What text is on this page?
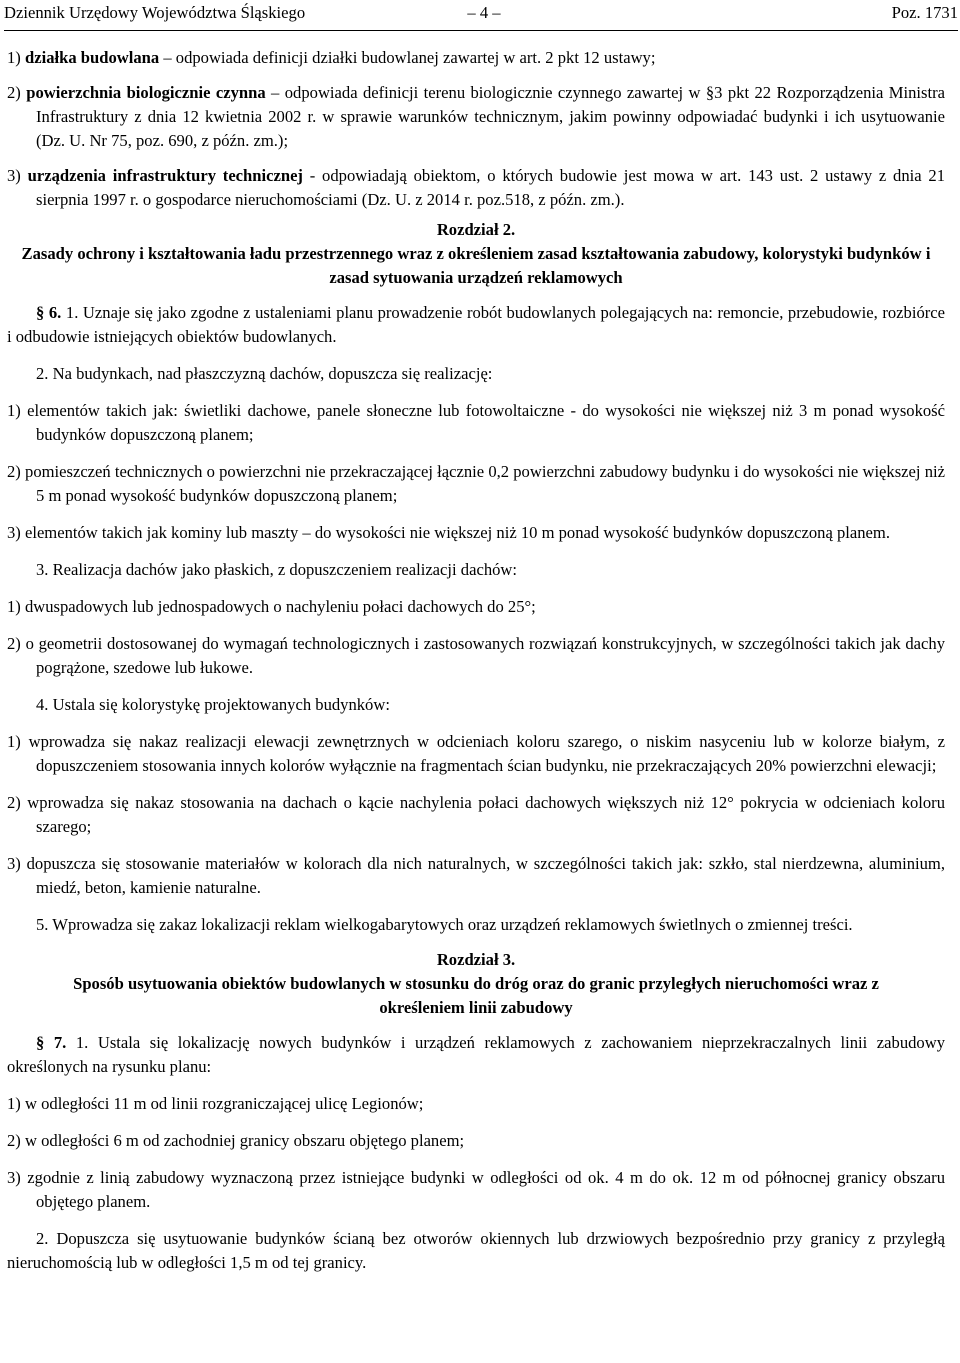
Dziennik Urzędowy Województwa Śląskiego	– 4 –	Poz. 1731

1) działka budowlana – odpowiada definicji działki budowlanej zawartej w art. 2 pkt 12 ustawy;

2) powierzchnia biologicznie czynna – odpowiada definicji terenu biologicznie czynnego zawartej w §3 pkt 22 Rozporządzenia Ministra Infrastruktury z dnia 12 kwietnia 2002 r. w sprawie warunków technicznym, jakim powinny odpowiadać budynki i ich usytuowanie (Dz. U. Nr 75, poz. 690, z późn. zm.);

3) urządzenia infrastruktury technicznej - odpowiadają obiektom, o których budowie jest mowa w art. 143 ust. 2 ustawy z dnia 21 sierpnia 1997 r. o gospodarce nieruchomościami (Dz. U. z 2014 r. poz.518, z późn. zm.).

Rozdział 2.

Zasady ochrony i kształtowania ładu przestrzennego wraz z określeniem zasad kształtowania zabudowy, kolorystyki budynków i zasad sytuowania urządzeń reklamowych

§ 6. 1. Uznaje się jako zgodne z ustaleniami planu prowadzenie robót budowlanych polegających na: remoncie, przebudowie, rozbiórce i odbudowie istniejących obiektów budowlanych.

2. Na budynkach, nad płaszczyzną dachów, dopuszcza się realizację:

1) elementów takich jak: świetliki dachowe, panele słoneczne lub fotowoltaiczne - do wysokości nie większej niż 3 m ponad wysokość budynków dopuszczoną planem;

2) pomieszczeń technicznych o powierzchni nie przekraczającej łącznie 0,2 powierzchni zabudowy budynku i do wysokości nie większej niż 5 m ponad wysokość budynków dopuszczoną planem;

3) elementów takich jak kominy lub maszty – do wysokości nie większej niż 10 m ponad wysokość budynków dopuszczoną planem.

3. Realizacja dachów jako płaskich, z dopuszczeniem realizacji dachów:

1) dwuspadowych lub jednospadowych o nachyleniu połaci dachowych do 25°;

2) o geometrii dostosowanej do wymagań technologicznych i zastosowanych rozwiązań konstrukcyjnych, w szczególności takich jak dachy pogrążone, szedowe lub łukowe.

4. Ustala się kolorystykę projektowanych budynków:

1) wprowadza się nakaz realizacji elewacji zewnętrznych w odcieniach koloru szarego, o niskim nasyceniu lub w kolorze białym, z dopuszczeniem stosowania innych kolorów wyłącznie na fragmentach ścian budynku, nie przekraczających 20% powierzchni elewacji;

2) wprowadza się nakaz stosowania na dachach o kącie nachylenia połaci dachowych większych niż 12° pokrycia w odcieniach koloru szarego;

3) dopuszcza się stosowanie materiałów w kolorach dla nich naturalnych, w szczególności takich jak: szkło, stal nierdzewna, aluminium, miedź, beton, kamienie naturalne.

5. Wprowadza się zakaz lokalizacji reklam wielkogabarytowych oraz urządzeń reklamowych świetlnych o zmiennej treści.

Rozdział 3.

Sposób usytuowania obiektów budowlanych w stosunku do dróg oraz do granic przyległych nieruchomości wraz z określeniem linii zabudowy

§ 7. 1. Ustala się lokalizację nowych budynków i urządzeń reklamowych z zachowaniem nieprzekraczalnych linii zabudowy określonych na rysunku planu:

1) w odległości 11 m od linii rozgraniczającej ulicę Legionów;

2) w odległości 6 m od zachodniej granicy obszaru objętego planem;

3) zgodnie z linią zabudowy wyznaczoną przez istniejące budynki w odległości od ok. 4 m do ok. 12 m od północnej granicy obszaru objętego planem.

2. Dopuszcza się usytuowanie budynków ścianą bez otworów okiennych lub drzwiowych bezpośrednio przy granicy z przyległą nieruchomością lub w odległości 1,5 m od tej granicy.
